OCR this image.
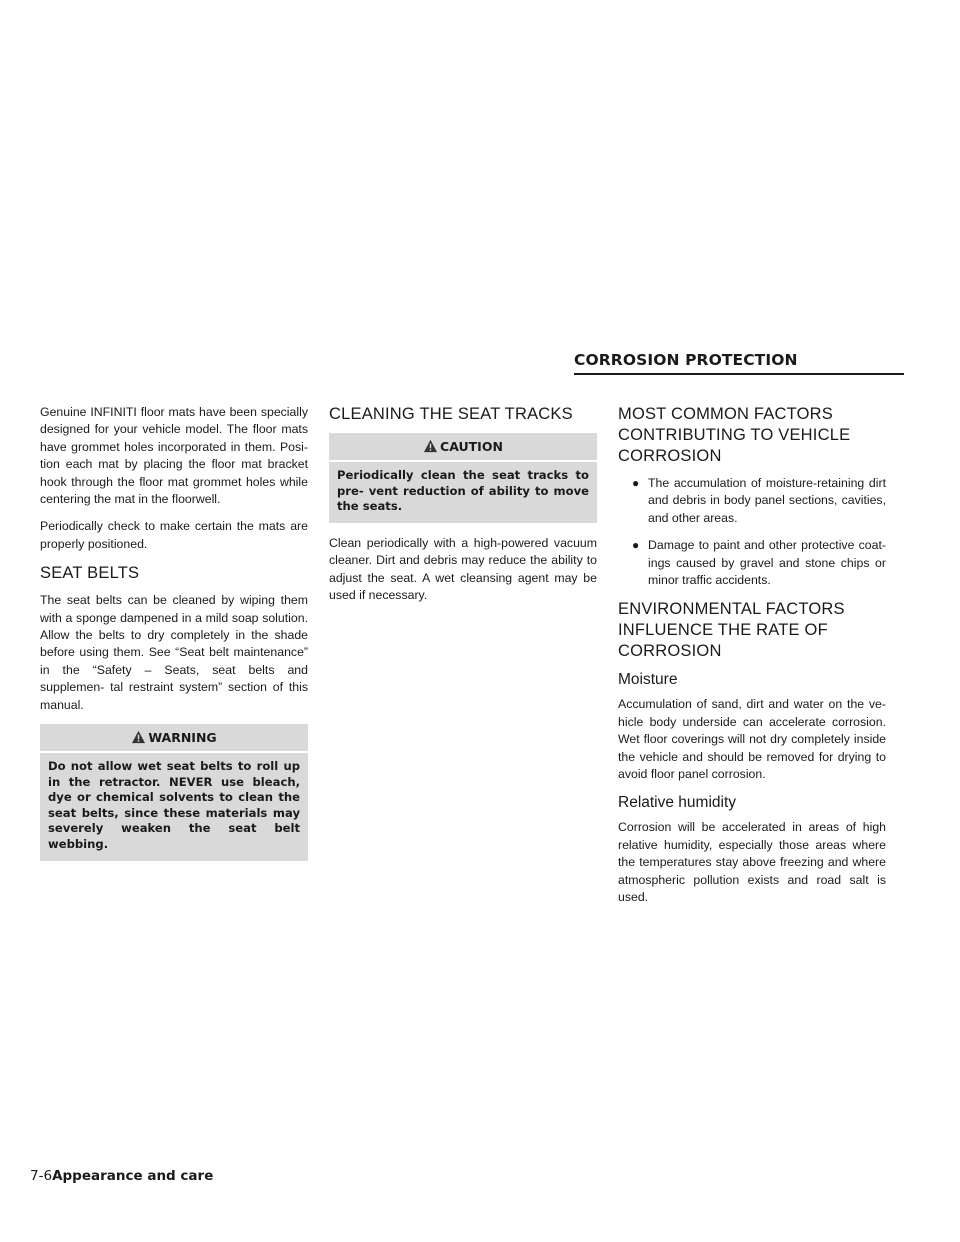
CORROSION PROTECTION

Genuine INFINITI floor mats have been specially designed for your vehicle model. The floor mats have grommet holes incorporated in them. Posi- tion each mat by placing the floor mat bracket hook through the floor mat grommet holes while centering the mat in the floorwell.

Periodically check to make certain the mats are properly positioned.

SEAT BELTS

The seat belts can be cleaned by wiping them with a sponge dampened in a mild soap solution. Allow the belts to dry completely in the shade before using them. See “Seat belt maintenance” in the “Safety – Seats, seat belts and supplemen- tal restraint system” section of this manual.

WARNING
Do not allow wet seat belts to roll up in the retractor. NEVER use bleach, dye or chemical solvents to clean the seat belts, since these materials may severely weaken the seat belt webbing.
CLEANING THE SEAT TRACKS
CAUTION
Periodically clean the seat tracks to pre- vent reduction of ability to move the seats.

Clean periodically with a high-powered vacuum cleaner. Dirt and debris may reduce the ability to adjust the seat. A wet cleansing agent may be used if necessary.

MOST COMMON FACTORS CONTRIBUTING TO VEHICLE CORROSION
● The accumulation of moisture-retaining dirt and debris in body panel sections, cavities, and other areas.
● Damage to paint and other protective coat- ings caused by gravel and stone chips or minor traffic accidents.
ENVIRONMENTAL FACTORS INFLUENCE THE RATE OF CORROSION
Moisture

Accumulation of sand, dirt and water on the ve- hicle body underside can accelerate corrosion. Wet floor coverings will not dry completely inside the vehicle and should be removed for drying to avoid floor panel corrosion.

Relative humidity

Corrosion will be accelerated in areas of high relative humidity, especially those areas where the temperatures stay above freezing and where atmospheric pollution exists and road salt is used.

7-6Appearance and care
